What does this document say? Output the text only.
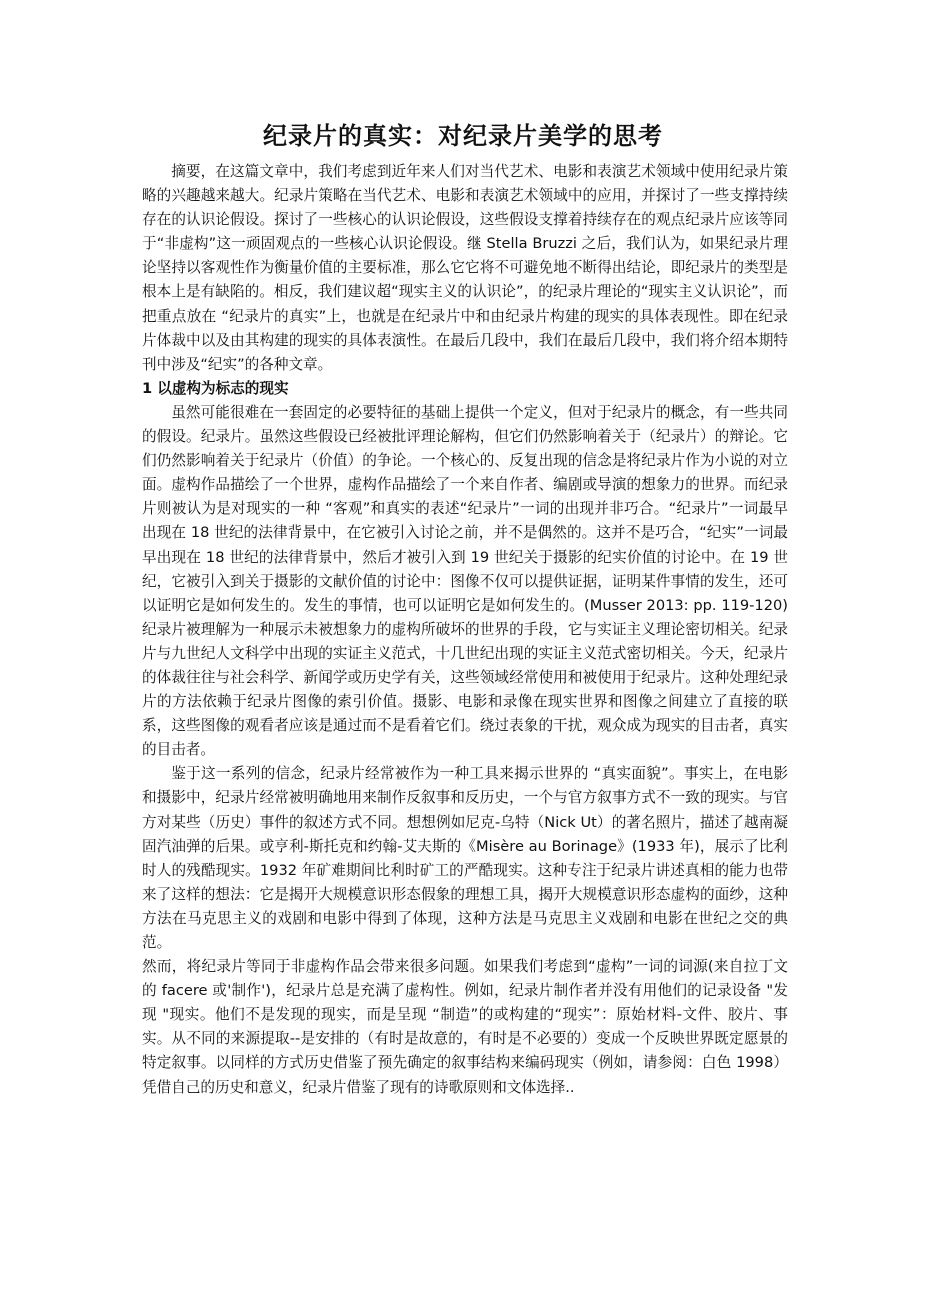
纪录片的真实：对纪录片美学的思考

摘要，在这篇文章中，我们考虑到近年来人们对当代艺术、电影和表演艺术领域中使用纪录片策略的兴趣越来越大。纪录片策略在当代艺术、电影和表演艺术领域中的应用，并探讨了一些支撑持续存在的认识论假设。探讨了一些核心的认识论假设，这些假设支撑着持续存在的观点纪录片应该等同于“非虚构”这一顽固观点的一些核心认识论假设。继 Stella Bruzzi 之后，我们认为，如果纪录片理论坚持以客观性作为衡量价值的主要标准，那么它它将不可避免地不断得出结论，即纪录片的类型是根本上是有缺陷的。相反，我们建议超“现实主义的认识论”，的纪录片理论的“现实主义认识论”，而把重点放在 “纪录片的真实”上，也就是在纪录片中和由纪录片构建的现实的具体表现性。即在纪录片体裁中以及由其构建的现实的具体表演性。在最后几段中，我们在最后几段中，我们将介绍本期特刊中涉及“纪实”的各种文章。

1 以虚构为标志的现实

虽然可能很难在一套固定的必要特征的基础上提供一个定义，但对于纪录片的概念，有一些共同的假设。纪录片。虽然这些假设已经被批评理论解构，但它们仍然影响着关于（纪录片）的辩论。它们仍然影响着关于纪录片（价值）的争论。一个核心的、反复出现的信念是将纪录片作为小说的对立面。虚构作品描绘了一个世界，虚构作品描绘了一个来自作者、编剧或导演的想象力的世界。而纪录片则被认为是对现实的一种 “客观”和真实的表述“纪录片”一词的出现并非巧合。“纪录片”一词最早出现在 18 世纪的法律背景中，在它被引入讨论之前，并不是偶然的。这并不是巧合，“纪实”一词最早出现在 18 世纪的法律背景中，然后才被引入到 19 世纪关于摄影的纪实价值的讨论中。在 19 世纪，它被引入到关于摄影的文献价值的讨论中：图像不仅可以提供证据，证明某件事情的发生，还可以证明它是如何发生的。发生的事情，也可以证明它是如何发生的。(Musser 2013: pp. 119-120) 纪录片被理解为一种展示未被想象力的虚构所破坏的世界的手段，它与实证主义理论密切相关。纪录片与九世纪人文科学中出现的实证主义范式，十几世纪出现的实证主义范式密切相关。今天，纪录片的体裁往往与社会科学、新闻学或历史学有关，这些领域经常使用和被使用于纪录片。这种处理纪录片的方法依赖于纪录片图像的索引价值。摄影、电影和录像在现实世界和图像之间建立了直接的联系，这些图像的观看者应该是通过而不是看着它们。绕过表象的干扰，观众成为现实的目击者，真实的目击者。

鉴于这一系列的信念，纪录片经常被作为一种工具来揭示世界的 “真实面貌”。事实上，在电影和摄影中，纪录片经常被明确地用来制作反叙事和反历史，一个与官方叙事方式不一致的现实。与官方对某些（历史）事件的叙述方式不同。想想例如尼克-乌特（Nick Ut）的著名照片，描述了越南凝固汽油弹的后果。或亨利-斯托克和约翰-艾夫斯的《Misère au Borinage》(1933 年)，展示了比利时人的残酷现实。1932 年矿难期间比利时矿工的严酷现实。这种专注于纪录片讲述真相的能力也带来了这样的想法：它是揭开大规模意识形态假象的理想工具，揭开大规模意识形态虚构的面纱，这种方法在马克思主义的戏剧和电影中得到了体现，这种方法是马克思主义戏剧和电影在世纪之交的典范。

然而，将纪录片等同于非虚构作品会带来很多问题。如果我们考虑到“虚构”一词的词源(来自拉丁文的 facere 或'制作')，纪录片总是充满了虚构性。例如，纪录片制作者并没有用他们的记录设备 "发现 "现实。他们不是发现的现实，而是呈现 “制造”的或构建的“现实”：原始材料-文件、胶片、事实。从不同的来源提取--是安排的（有时是故意的，有时是不必要的）变成一个反映世界既定愿景的特定叙事。以同样的方式历史借鉴了预先确定的叙事结构来编码现实（例如，请参阅：白色 1998）凭借自己的历史和意义，纪录片借鉴了现有的诗歌原则和文体选择..
